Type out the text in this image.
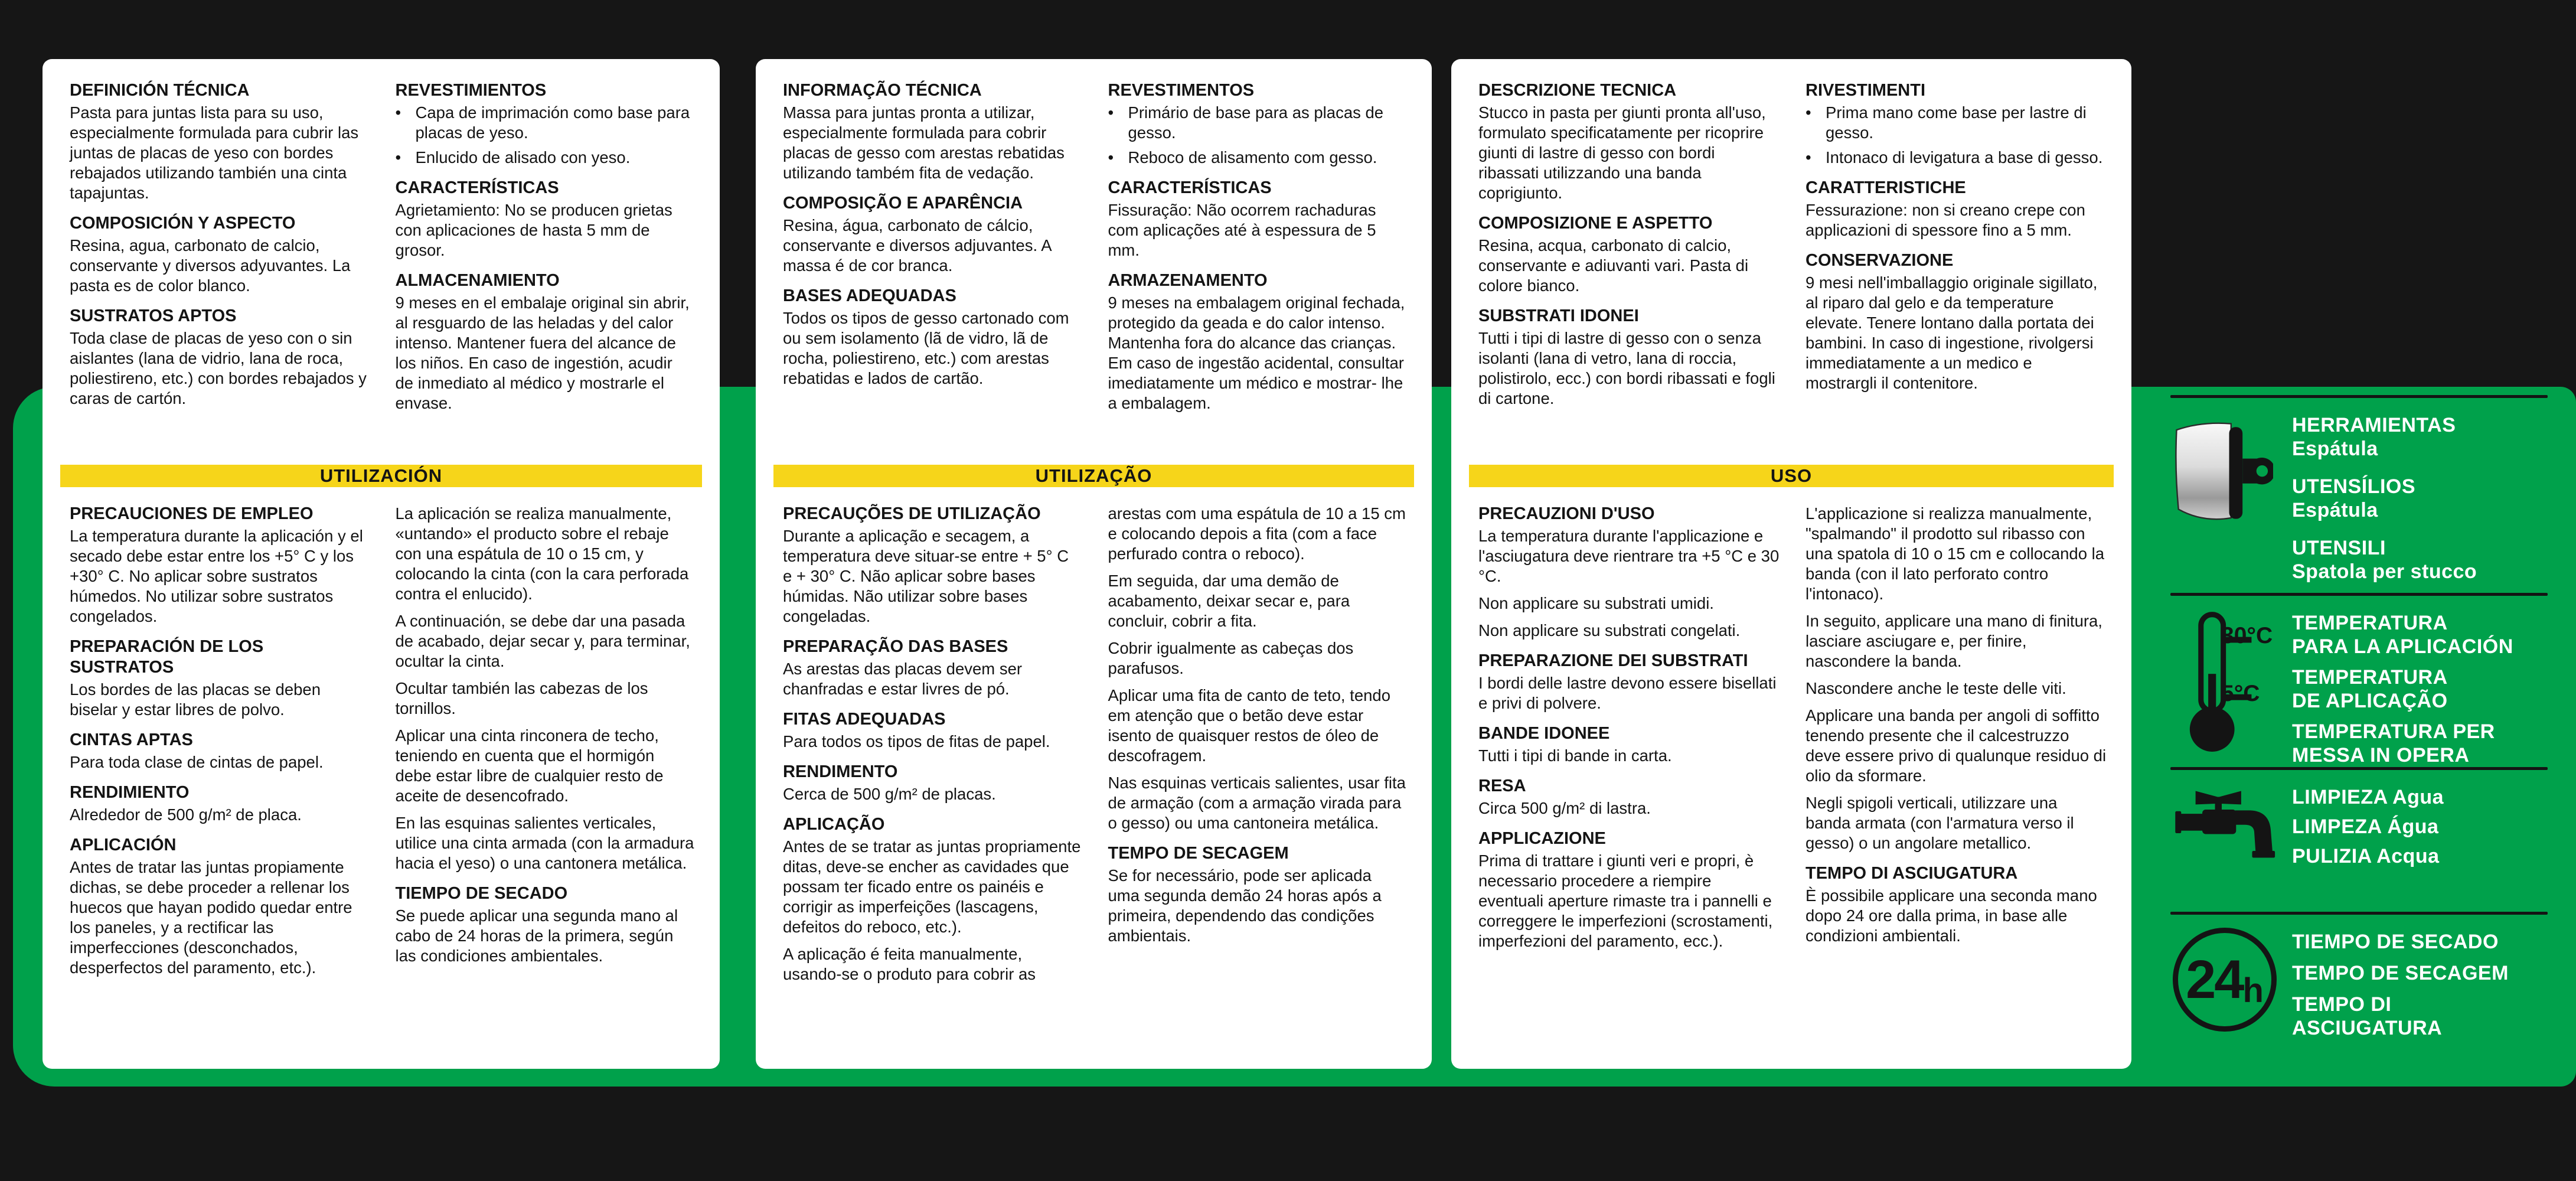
DEFINICIÓN TÉCNICA

Pasta para juntas lista para su uso, especialmente formulada para cubrir las juntas de placas de yeso con bordes rebajados utilizando también una cinta tapajuntas.

COMPOSICIÓN Y ASPECTO

Resina, agua, carbonato de calcio, conservante y diversos adyuvantes. La pasta es de color blanco.

SUSTRATOS APTOS

Toda clase de placas de yeso con o sin aislantes (lana de vidrio, lana de roca, poliestireno, etc.) con bordes rebajados y caras de cartón.

REVESTIMIENTOS
• Capa de imprimación como base para placas de yeso.
• Enlucido de alisado con yeso.
CARACTERÍSTICAS

Agrietamiento: No se producen grietas con aplicaciones de hasta 5 mm de grosor.

ALMACENAMIENTO

9 meses en el embalaje original sin abrir, al resguardo de las heladas y del calor intenso. Mantener fuera del alcance de los niños. En caso de ingestión, acudir de inmediato al médico y mostrarle el envase.

UTILIZACIÓN
PRECAUCIONES DE EMPLEO

La temperatura durante la aplicación y el secado debe estar entre los +5° C y los +30° C. No aplicar sobre sustratos húmedos. No utilizar sobre sustratos congelados.

PREPARACIÓN DE LOS SUSTRATOS

Los bordes de las placas se deben biselar y estar libres de polvo.

CINTAS APTAS

Para toda clase de cintas de papel.

RENDIMIENTO

Alrededor de 500 g/m² de placa.

APLICACIÓN

Antes de tratar las juntas propiamente dichas, se debe proceder a rellenar los huecos que hayan podido quedar entre los paneles, y a rectificar las imperfecciones (desconchados, desperfectos del paramento, etc.).

La aplicación se realiza manualmente, «untando» el producto sobre el rebaje con una espátula de 10 o 15 cm, y colocando la cinta (con la cara perforada contra el enlucido).

A continuación, se debe dar una pasada de acabado, dejar secar y, para terminar, ocultar la cinta.

Ocultar también las cabezas de los tornillos.

Aplicar una cinta rinconera de techo, teniendo en cuenta que el hormigón debe estar libre de cualquier resto de aceite de desencofrado.

En las esquinas salientes verticales, utilice una cinta armada (con la armadura hacia el yeso) o una cantonera metálica.

TIEMPO DE SECADO

Se puede aplicar una segunda mano al cabo de 24 horas de la primera, según las condiciones ambientales.

INFORMAÇÃO TÉCNICA

Massa para juntas pronta a utilizar, especialmente formulada para cobrir placas de gesso com arestas rebatidas utilizando também fita de vedação.

COMPOSIÇÃO E APARÊNCIA

Resina, água, carbonato de cálcio, conservante e diversos adjuvantes. A massa é de cor branca.

BASES ADEQUADAS

Todos os tipos de gesso cartonado com ou sem isolamento (lã de vidro, lã de rocha, poliestireno, etc.) com arestas rebatidas e lados de cartão.

REVESTIMENTOS
• Primário de base para as placas de gesso.
• Reboco de alisamento com gesso.
CARACTERÍSTICAS

Fissuração: Não ocorrem rachaduras com aplicações até à espessura de 5 mm.

ARMAZENAMENTO

9 meses na embalagem original fechada, protegido da geada e do calor intenso. Mantenha fora do alcance das crianças. Em caso de ingestão acidental, consultar imediatamente um médico e mostrar- lhe a embalagem.

UTILIZAÇÃO
PRECAUÇÕES DE UTILIZAÇÃO

Durante a aplicação e secagem, a temperatura deve situar-se entre + 5° C e + 30° C. Não aplicar sobre bases húmidas. Não utilizar sobre bases congeladas.

PREPARAÇÃO DAS BASES

As arestas das placas devem ser chanfradas e estar livres de pó.

FITAS ADEQUADAS

Para todos os tipos de fitas de papel.

RENDIMENTO

Cerca de 500 g/m² de placas.

APLICAÇÃO

Antes de se tratar as juntas propriamente ditas, deve-se encher as cavidades que possam ter ficado entre os painéis e corrigir as imperfeições (lascagens, defeitos do reboco, etc.).

A aplicação é feita manualmente, usando-se o produto para cobrir as

arestas com uma espátula de 10 a 15 cm e colocando depois a fita (com a face perfurado contra o reboco).

Em seguida, dar uma demão de acabamento, deixar secar e, para concluir, cobrir a fita.

Cobrir igualmente as cabeças dos parafusos.

Aplicar uma fita de canto de teto, tendo em atenção que o betão deve estar isento de quaisquer restos de óleo de descofragem.

Nas esquinas verticais salientes, usar fita de armação (com a armação virada para o gesso) ou uma cantoneira metálica.

TEMPO DE SECAGEM

Se for necessário, pode ser aplicada uma segunda demão 24 horas após a primeira, dependendo das condições ambientais.

DESCRIZIONE TECNICA

Stucco in pasta per giunti pronta all'uso, formulato specificatamente per ricoprire giunti di lastre di gesso con bordi ribassati utilizzando una banda coprigiunto.

COMPOSIZIONE E ASPETTO

Resina, acqua, carbonato di calcio, conservante e adiuvanti vari. Pasta di colore bianco.

SUBSTRATI IDONEI

Tutti i tipi di lastre di gesso con o senza isolanti (lana di vetro, lana di roccia, polistirolo, ecc.) con bordi ribassati e fogli di cartone.

RIVESTIMENTI
• Prima mano come base per lastre di gesso.
• Intonaco di levigatura a base di gesso.
CARATTERISTICHE

Fessurazione: non si creano crepe con applicazioni di spessore fino a 5 mm.

CONSERVAZIONE

9 mesi nell'imballaggio originale sigillato, al riparo dal gelo e da temperature elevate. Tenere lontano dalla portata dei bambini. In caso di ingestione, rivolgersi immediatamente a un medico e mostrargli il contenitore.

USO
PRECAUZIONI D'USO

La temperatura durante l'applicazione e l'asciugatura deve rientrare tra +5 °C e 30 °C.

Non applicare su substrati umidi.

Non applicare su substrati congelati.

PREPARAZIONE DEI SUBSTRATI

I bordi delle lastre devono essere bisellati e privi di polvere.

BANDE IDONEE

Tutti i tipi di bande in carta.

RESA

Circa 500 g/m² di lastra.

APPLICAZIONE

Prima di trattare i giunti veri e propri, è necessario procedere a riempire eventuali aperture rimaste tra i pannelli e correggere le imperfezioni (scrostamenti, imperfezioni del paramento, ecc.).

L'applicazione si realizza manualmente, "spalmando" il prodotto sul ribasso con una spatola di 10 o 15 cm e collocando la banda (con il lato perforato contro l'intonaco).

In seguito, applicare una mano di finitura, lasciare asciugare e, per finire, nascondere la banda.

Nascondere anche le teste delle viti.

Applicare una banda per angoli di soffitto tenendo presente che il calcestruzzo deve essere privo di qualunque residuo di olio da sformare.

Negli spigoli verticali, utilizzare una banda armata (con l'armatura verso il gesso) o un angolare metallico.

TEMPO DI ASCIUGATURA

È possibile applicare una seconda mano dopo 24 ore dalla prima, in base alle condizioni ambientali.

HERRAMIENTAS
Espátula
UTENSÍLIOS
Espátula
UTENSILI
Spatola per stucco
30°C
5°C
TEMPERATURA
PARA LA APLICACIÓN
TEMPERATURA
DE APLICAÇÃO
TEMPERATURA PER
MESSA IN OPERA
LIMPIEZA Agua
LIMPEZA Água
PULIZIA Acqua
24 h
TIEMPO DE SECADO
TEMPO DE SECAGEM
TEMPO DI
ASCIUGATURA
